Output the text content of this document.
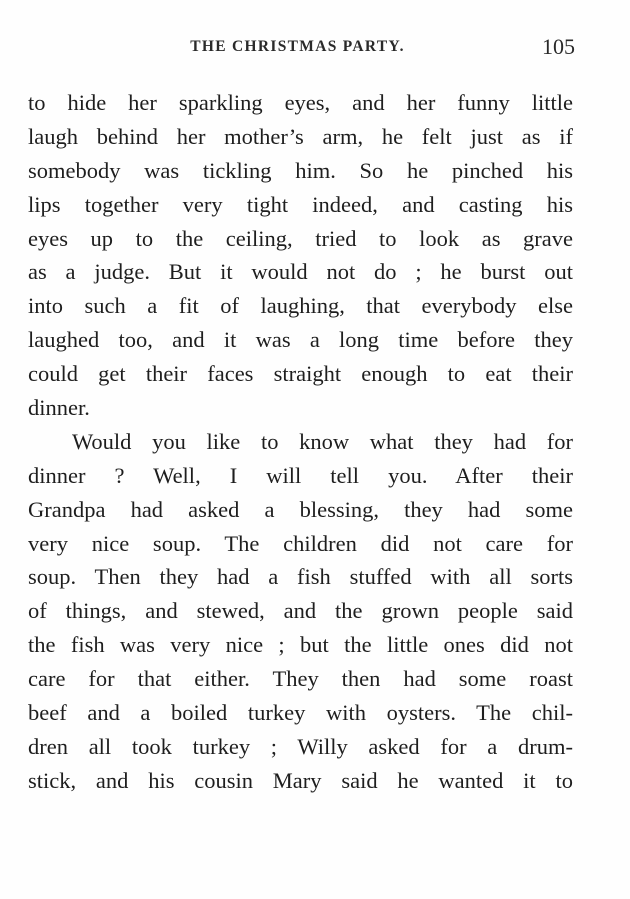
THE CHRISTMAS PARTY.	105
to hide her sparkling eyes, and her funny little
laugh behind her mother’s arm, he felt just as if
somebody was tickling him. So he pinched his
lips together very tight indeed, and casting his
eyes up to the ceiling, tried to look as grave
as a judge. But it would not do ; he burst out
into such a fit of laughing, that everybody else
laughed too, and it was a long time before they
could get their faces straight enough to eat their
dinner.
Would you like to know what they had for
dinner ? Well, I will tell you. After their
Grandpa had asked a blessing, they had some
very nice soup. The children did not care for
soup. Then they had a fish stuffed with all sorts
of things, and stewed, and the grown people said
the fish was very nice ; but the little ones did not
care for that either. They then had some roast
beef and a boiled turkey with oysters. The chil-
dren all took turkey ; Willy asked for a drum-
stick, and his cousin Mary said he wanted it to
